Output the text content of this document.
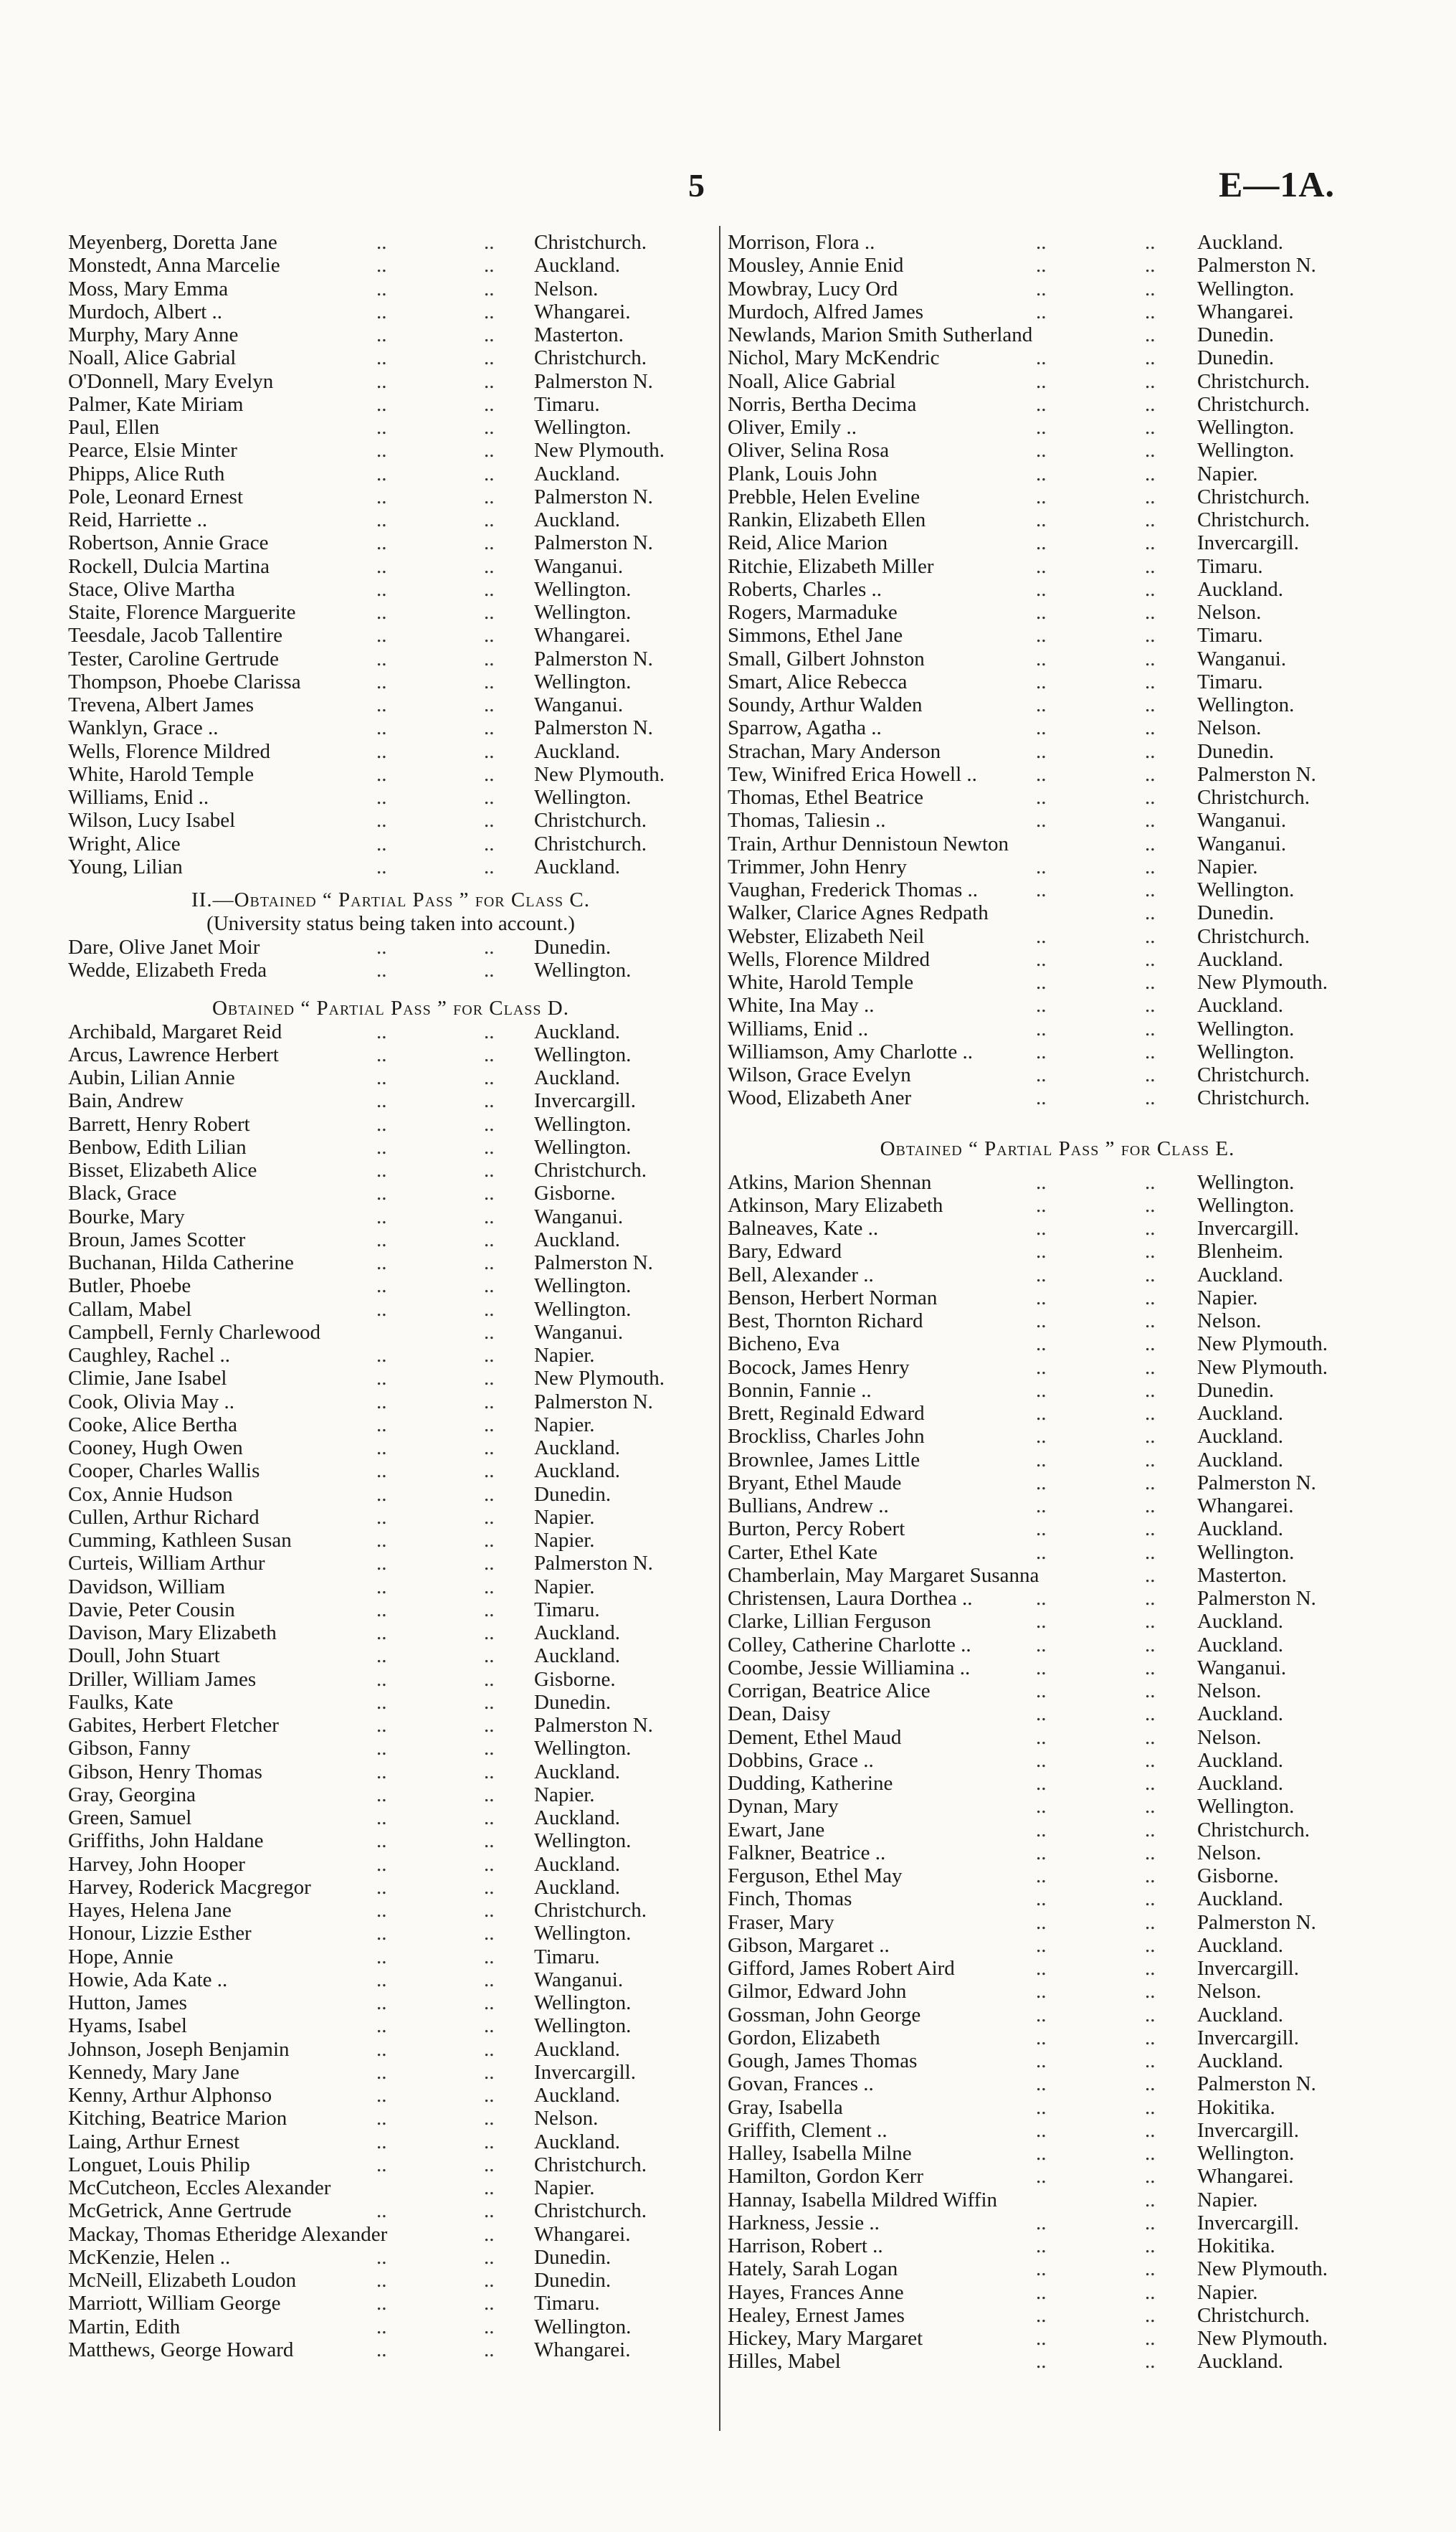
5	E—1A.
Meyenberg, Doretta Jane	..	.. Christchurch.
Monstedt, Anna Marcelie	..	.. Auckland.
Moss, Mary Emma	..	.. Nelson.
Murdoch, Albert ..	..	.. Whangarei.
Murphy, Mary Anne	..	.. Masterton.
Noall, Alice Gabrial	..	.. Christchurch.
O'Donnell, Mary Evelyn	..	.. Palmerston N.
Palmer, Kate Miriam	..	.. Timaru.
Paul, Ellen	..	.. Wellington.
Pearce, Elsie Minter	..	.. New Plymouth.
Phipps, Alice Ruth	..	.. Auckland.
Pole, Leonard Ernest	..	.. Palmerston N.
Reid, Harriette ..	..	.. Auckland.
Robertson, Annie Grace	..	.. Palmerston N.
Rockell, Dulcia Martina	..	.. Wanganui.
Stace, Olive Martha	..	.. Wellington.
Staite, Florence Marguerite	..	.. Wellington.
Teesdale, Jacob Tallentire	..	.. Whangarei.
Tester, Caroline Gertrude	..	.. Palmerston N.
Thompson, Phoebe Clarissa	..	.. Wellington.
Trevena, Albert James	..	.. Wanganui.
Wanklyn, Grace ..	..	.. Palmerston N.
Wells, Florence Mildred	..	.. Auckland.
White, Harold Temple	..	.. New Plymouth.
Williams, Enid ..	..	.. Wellington.
Wilson, Lucy Isabel	..	.. Christchurch.
Wright, Alice	..	.. Christchurch.
Young, Lilian	..	.. Auckland.
II.—Obtained “ Partial Pass ” for Class C.
(University status being taken into account.)
Dare, Olive Janet Moir	..	.. Dunedin.
Wedde, Elizabeth Freda	..	.. Wellington.
Obtained “ Partial Pass ” for Class D.
Archibald, Margaret Reid	..	.. Auckland.
Arcus, Lawrence Herbert	..	.. Wellington.
Aubin, Lilian Annie	..	.. Auckland.
Bain, Andrew	..	.. Invercargill.
Barrett, Henry Robert	..	.. Wellington.
Benbow, Edith Lilian	..	.. Wellington.
Bisset, Elizabeth Alice	..	.. Christchurch.
Black, Grace	..	.. Gisborne.
Bourke, Mary	..	.. Wanganui.
Broun, James Scotter	..	.. Auckland.
Buchanan, Hilda Catherine	..	.. Palmerston N.
Butler, Phoebe	..	.. Wellington.
Callam, Mabel	..	.. Wellington.
Campbell, Fernly Charlewood	.. Wanganui.
Caughley, Rachel ..	..	.. Napier.
Climie, Jane Isabel	..	.. New Plymouth.
Cook, Olivia May ..	..	.. Palmerston N.
Cooke, Alice Bertha	..	.. Napier.
Cooney, Hugh Owen	..	.. Auckland.
Cooper, Charles Wallis	..	.. Auckland.
Cox, Annie Hudson	..	.. Dunedin.
Cullen, Arthur Richard	..	.. Napier.
Cumming, Kathleen Susan	..	.. Napier.
Curteis, William Arthur	..	.. Palmerston N.
Davidson, William	..	.. Napier.
Davie, Peter Cousin	..	.. Timaru.
Davison, Mary Elizabeth	..	.. Auckland.
Doull, John Stuart	..	.. Auckland.
Driller, William James	..	.. Gisborne.
Faulks, Kate	..	.. Dunedin.
Gabites, Herbert Fletcher	..	.. Palmerston N.
Gibson, Fanny	..	.. Wellington.
Gibson, Henry Thomas	..	.. Auckland.
Gray, Georgina	..	.. Napier.
Green, Samuel	..	.. Auckland.
Griffiths, John Haldane	..	.. Wellington.
Harvey, John Hooper	..	.. Auckland.
Harvey, Roderick Macgregor	..	.. Auckland.
Hayes, Helena Jane	..	.. Christchurch.
Honour, Lizzie Esther	..	.. Wellington.
Hope, Annie	..	.. Timaru.
Howie, Ada Kate ..	..	.. Wanganui.
Hutton, James	..	.. Wellington.
Hyams, Isabel	..	.. Wellington.
Johnson, Joseph Benjamin	..	.. Auckland.
Kennedy, Mary Jane	..	.. Invercargill.
Kenny, Arthur Alphonso	..	.. Auckland.
Kitching, Beatrice Marion	..	.. Nelson.
Laing, Arthur Ernest	..	.. Auckland.
Longuet, Louis Philip	..	.. Christchurch.
McCutcheon, Eccles Alexander	.. Napier.
McGetrick, Anne Gertrude	..	.. Christchurch.
Mackay, Thomas Etheridge Alexander	.. Whangarei.
McKenzie, Helen ..	..	.. Dunedin.
McNeill, Elizabeth Loudon	..	.. Dunedin.
Marriott, William George	..	.. Timaru.
Martin, Edith	..	.. Wellington.
Matthews, George Howard	..	.. Whangarei.
Morrison, Flora ..	..	.. Auckland.
Mousley, Annie Enid	..	.. Palmerston N.
Mowbray, Lucy Ord	..	.. Wellington.
Murdoch, Alfred James	..	.. Whangarei.
Newlands, Marion Smith Sutherland	.. Dunedin.
Nichol, Mary McKendric	..	.. Dunedin.
Noall, Alice Gabrial	..	.. Christchurch.
Norris, Bertha Decima	..	.. Christchurch.
Oliver, Emily ..	..	.. Wellington.
Oliver, Selina Rosa	..	.. Wellington.
Plank, Louis John	..	.. Napier.
Prebble, Helen Eveline	..	.. Christchurch.
Rankin, Elizabeth Ellen	..	.. Christchurch.
Reid, Alice Marion	..	.. Invercargill.
Ritchie, Elizabeth Miller	..	.. Timaru.
Roberts, Charles ..	..	.. Auckland.
Rogers, Marmaduke	..	.. Nelson.
Simmons, Ethel Jane	..	.. Timaru.
Small, Gilbert Johnston	..	.. Wanganui.
Smart, Alice Rebecca	..	.. Timaru.
Soundy, Arthur Walden	..	.. Wellington.
Sparrow, Agatha ..	..	.. Nelson.
Strachan, Mary Anderson	..	.. Dunedin.
Tew, Winifred Erica Howell ..	..	.. Palmerston N.
Thomas, Ethel Beatrice	..	.. Christchurch.
Thomas, Taliesin ..	..	.. Wanganui.
Train, Arthur Dennistoun Newton	.. Wanganui.
Trimmer, John Henry	..	.. Napier.
Vaughan, Frederick Thomas ..	..	.. Wellington.
Walker, Clarice Agnes Redpath	.. Dunedin.
Webster, Elizabeth Neil	..	.. Christchurch.
Wells, Florence Mildred	..	.. Auckland.
White, Harold Temple	..	.. New Plymouth.
White, Ina May ..	..	.. Auckland.
Williams, Enid ..	..	.. Wellington.
Williamson, Amy Charlotte ..	..	.. Wellington.
Wilson, Grace Evelyn	..	.. Christchurch.
Wood, Elizabeth Aner	..	.. Christchurch.
Obtained “ Partial Pass ” for Class E.
Atkins, Marion Shennan	..	.. Wellington.
Atkinson, Mary Elizabeth	..	.. Wellington.
Balneaves, Kate ..	..	.. Invercargill.
Bary, Edward	..	.. Blenheim.
Bell, Alexander ..	..	.. Auckland.
Benson, Herbert Norman	..	.. Napier.
Best, Thornton Richard	..	.. Nelson.
Bicheno, Eva	..	.. New Plymouth.
Bocock, James Henry	..	.. New Plymouth.
Bonnin, Fannie ..	..	.. Dunedin.
Brett, Reginald Edward	..	.. Auckland.
Brockliss, Charles John	..	.. Auckland.
Brownlee, James Little	..	.. Auckland.
Bryant, Ethel Maude	..	.. Palmerston N.
Bullians, Andrew ..	..	.. Whangarei.
Burton, Percy Robert	..	.. Auckland.
Carter, Ethel Kate	..	.. Wellington.
Chamberlain, May Margaret Susanna	.. Masterton.
Christensen, Laura Dorthea ..	..	.. Palmerston N.
Clarke, Lillian Ferguson	..	.. Auckland.
Colley, Catherine Charlotte ..	..	.. Auckland.
Coombe, Jessie Williamina ..	..	.. Wanganui.
Corrigan, Beatrice Alice	..	.. Nelson.
Dean, Daisy	..	.. Auckland.
Dement, Ethel Maud	..	.. Nelson.
Dobbins, Grace ..	..	.. Auckland.
Dudding, Katherine	..	.. Auckland.
Dynan, Mary	..	.. Wellington.
Ewart, Jane	..	.. Christchurch.
Falkner, Beatrice ..	..	.. Nelson.
Ferguson, Ethel May	..	.. Gisborne.
Finch, Thomas	..	.. Auckland.
Fraser, Mary	..	.. Palmerston N.
Gibson, Margaret ..	..	.. Auckland.
Gifford, James Robert Aird	..	.. Invercargill.
Gilmor, Edward John	..	.. Nelson.
Gossman, John George	..	.. Auckland.
Gordon, Elizabeth	..	.. Invercargill.
Gough, James Thomas	..	.. Auckland.
Govan, Frances ..	..	.. Palmerston N.
Gray, Isabella	..	.. Hokitika.
Griffith, Clement ..	..	.. Invercargill.
Halley, Isabella Milne	..	.. Wellington.
Hamilton, Gordon Kerr	..	.. Whangarei.
Hannay, Isabella Mildred Wiffin	.. Napier.
Harkness, Jessie ..	..	.. Invercargill.
Harrison, Robert ..	..	.. Hokitika.
Hately, Sarah Logan	..	.. New Plymouth.
Hayes, Frances Anne	..	.. Napier.
Healey, Ernest James	..	.. Christchurch.
Hickey, Mary Margaret	..	.. New Plymouth.
Hilles, Mabel	..	.. Auckland.
